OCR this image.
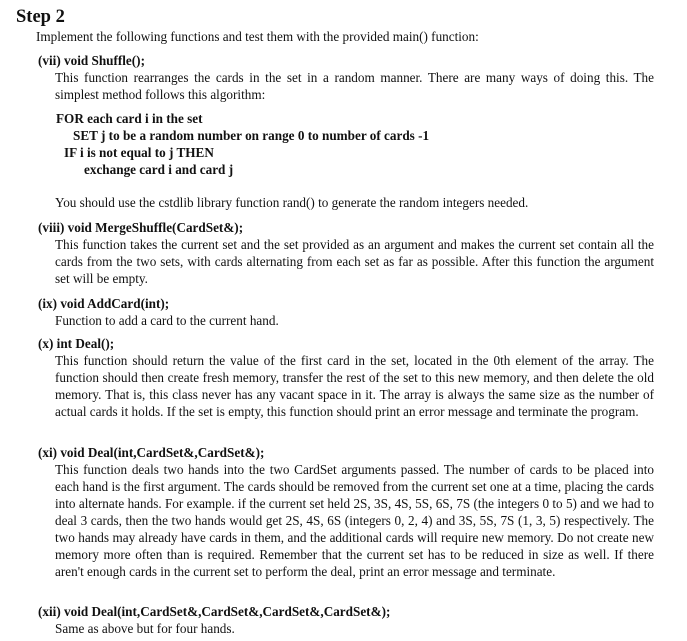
Step 2
Implement the following functions and test them with the provided main() function:
(vii) void Shuffle();
This function rearranges the cards in the set in a random manner. There are many ways of doing this. The simplest method follows this algorithm:
FOR each card i in the set
SET j to be a random number on range 0 to number of cards -1
IF i is not equal to j THEN
exchange card i and card j
You should use the cstdlib library function rand() to generate the random integers needed.
(viii) void MergeShuffle(CardSet&);
This function takes the current set and the set provided as an argument and makes the current set contain all the cards from the two sets, with cards alternating from each set as far as possible. After this function the argument set will be empty.
(ix) void AddCard(int);
Function to add a card to the current hand.
(x) int Deal();
This function should return the value of the first card in the set, located in the 0th element of the array. The function should then create fresh memory, transfer the rest of the set to this new memory, and then delete the old memory. That is, this class never has any vacant space in it. The array is always the same size as the number of actual cards it holds. If the set is empty, this function should print an error message and terminate the program.
(xi) void Deal(int,CardSet&,CardSet&);
This function deals two hands into the two CardSet arguments passed. The number of cards to be placed into each hand is the first argument. The cards should be removed from the current set one at a time, placing the cards into alternate hands. For example. if the current set held 2S, 3S, 4S, 5S, 6S, 7S (the integers 0 to 5) and we had to deal 3 cards, then the two hands would get 2S, 4S, 6S (integers 0, 2, 4) and 3S, 5S, 7S (1, 3, 5) respectively. The two hands may already have cards in them, and the additional cards will require new memory. Do not create new memory more often than is required. Remember that the current set has to be reduced in size as well. If there aren't enough cards in the current set to perform the deal, print an error message and terminate.
(xii) void Deal(int,CardSet&,CardSet&,CardSet&,CardSet&);
Same as above but for four hands.
